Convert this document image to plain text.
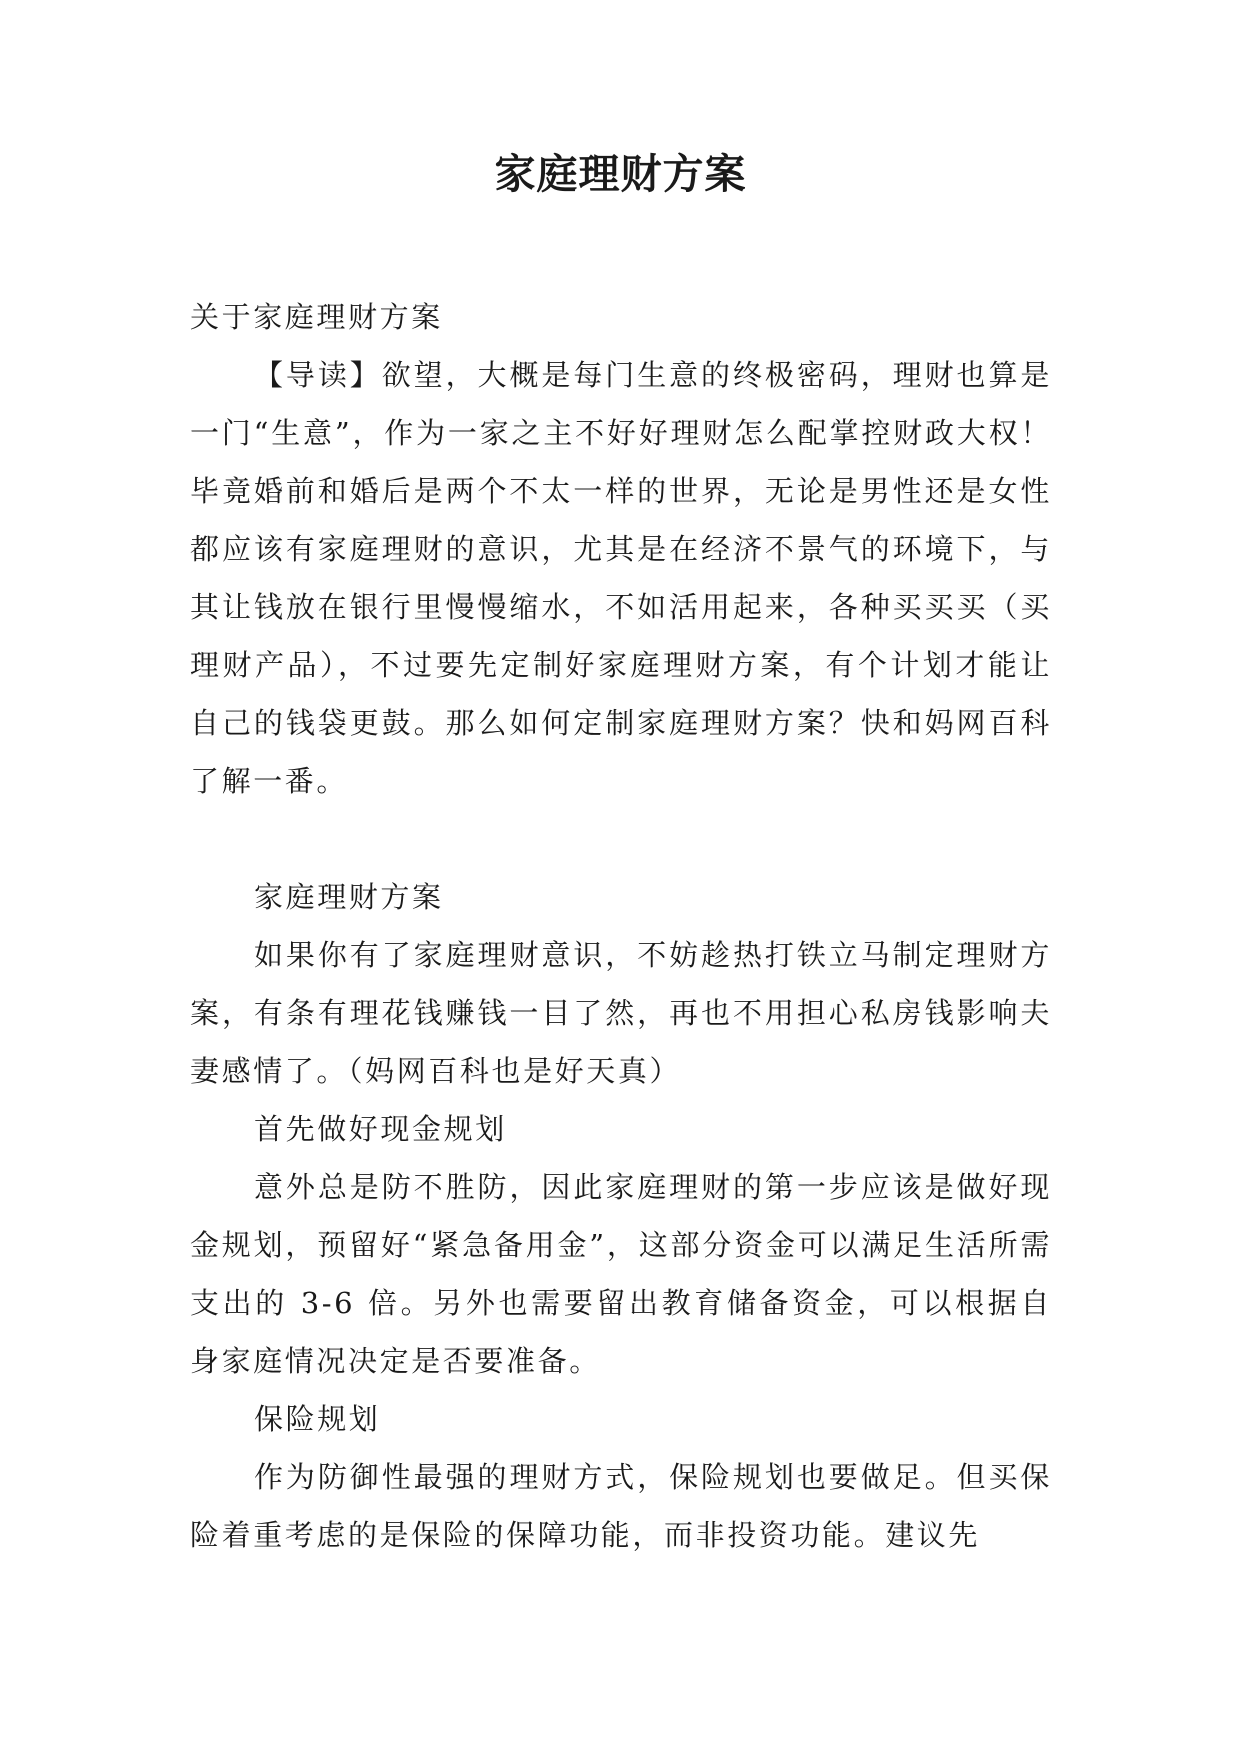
家庭理财方案

关于家庭理财方案

【导读】欲望，大概是每门生意的终极密码，理财也算是一门“生意”，作为一家之主不好好理财怎么配掌控财政大权！毕竟婚前和婚后是两个不太一样的世界，无论是男性还是女性都应该有家庭理财的意识，尤其是在经济不景气的环境下，与其让钱放在银行里慢慢缩水，不如活用起来，各种买买买（买理财产品），不过要先定制好家庭理财方案，有个计划才能让自己的钱袋更鼓。那么如何定制家庭理财方案？快和妈网百科了解一番。

家庭理财方案

如果你有了家庭理财意识，不妨趁热打铁立马制定理财方案，有条有理花钱赚钱一目了然，再也不用担心私房钱影响夫妻感情了。（妈网百科也是好天真）

首先做好现金规划

意外总是防不胜防，因此家庭理财的第一步应该是做好现金规划，预留好“紧急备用金”，这部分资金可以满足生活所需支出的 3-6 倍。另外也需要留出教育储备资金，可以根据自身家庭情况决定是否要准备。

保险规划

作为防御性最强的理财方式，保险规划也要做足。但买保险着重考虑的是保险的保障功能，而非投资功能。建议先
